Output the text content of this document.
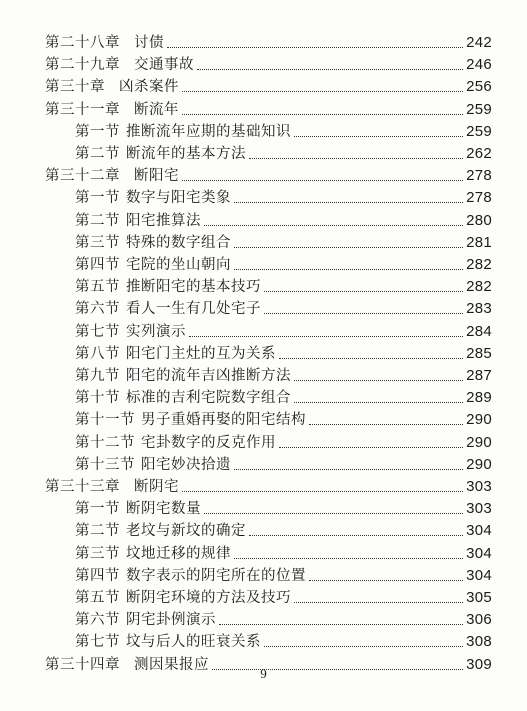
第二十八章 讨债	242
第二十九章 交通事故	246
第三十章 凶杀案件	256
第三十一章 断流年	259
第一节 推断流年应期的基础知识	259
第二节 断流年的基本方法	262
第三十二章 断阳宅	278
第一节 数字与阳宅类象	278
第二节 阳宅推算法	280
第三节 特殊的数字组合	281
第四节 宅院的坐山朝向	282
第五节 推断阳宅的基本技巧	282
第六节 看人一生有几处宅子	283
第七节 实列演示	284
第八节 阳宅门主灶的互为关系	285
第九节 阳宅的流年吉凶推断方法	287
第十节 标准的吉利宅院数字组合	289
第十一节 男子重婚再娶的阳宅结构	290
第十二节 宅卦数字的反克作用	290
第十三节 阳宅妙决拾遗	290
第三十三章 断阴宅	303
第一节 断阴宅数量	303
第二节 老坟与新坟的确定	304
第三节 坟地迁移的规律	304
第四节 数字表示的阴宅所在的位置	304
第五节 断阴宅环境的方法及技巧	305
第六节 阴宅卦例演示	306
第七节 坟与后人的旺衰关系	308
第三十四章 测因果报应	309
9
